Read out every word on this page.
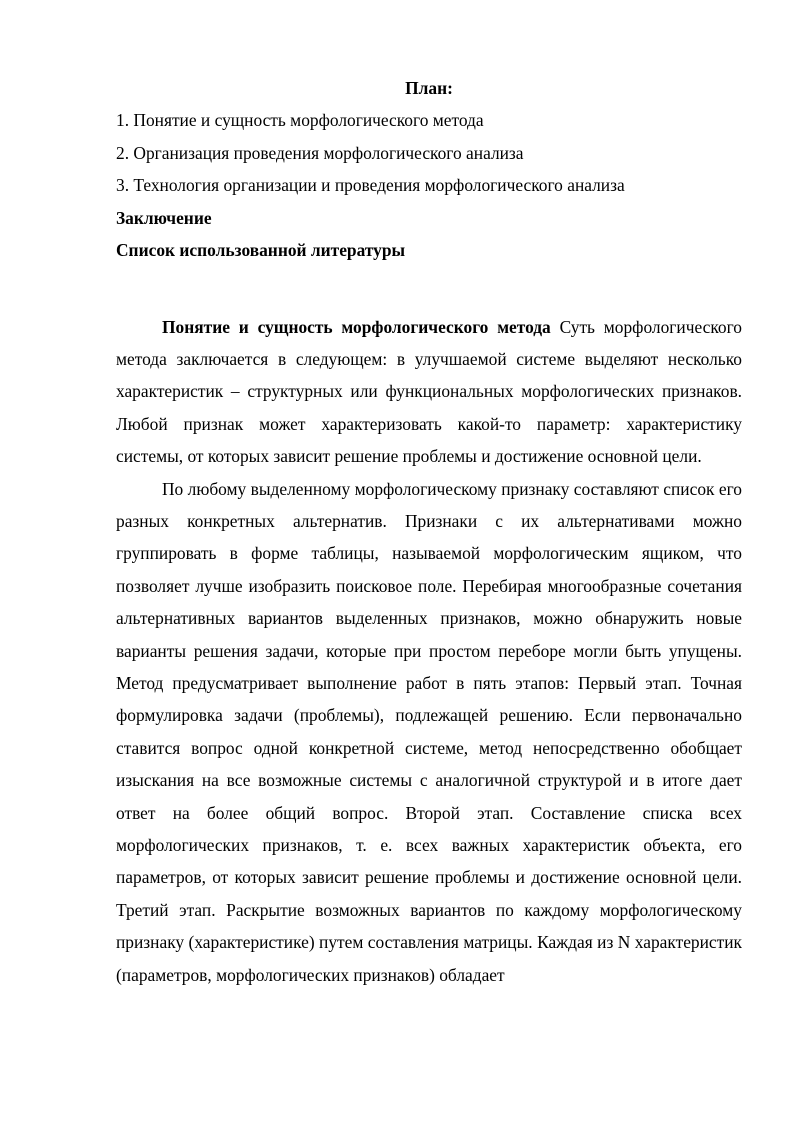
План:

1. Понятие и сущность морфологического метода

2. Организация проведения морфологического анализа

3. Технология организации и проведения морфологического анализа

Заключение

Список использованной литературы

Понятие и сущность морфологического метода Суть морфологического метода заключается в следующем: в улучшаемой системе выделяют несколько характеристик – структурных или функциональных морфологических признаков. Любой признак может характеризовать какой-то параметр: характеристику системы, от которых зависит решение проблемы и достижение основной цели.

По любому выделенному морфологическому признаку составляют список его разных конкретных альтернатив. Признаки с их альтернативами можно группировать в форме таблицы, называемой морфологическим ящиком, что позволяет лучше изобразить поисковое поле. Перебирая многообразные сочетания альтернативных вариантов выделенных признаков, можно обнаружить новые варианты решения задачи, которые при простом переборе могли быть упущены. Метод предусматривает выполнение работ в пять этапов: Первый этап. Точная формулировка задачи (проблемы), подлежащей решению. Если первоначально ставится вопрос одной конкретной системе, метод непосредственно обобщает изыскания на все возможные системы с аналогичной структурой и в итоге дает ответ на более общий вопрос. Второй этап. Составление списка всех морфологических признаков, т. е. всех важных характеристик объекта, его параметров, от которых зависит решение проблемы и достижение основной цели. Третий этап. Раскрытие возможных вариантов по каждому морфологическому признаку (характеристике) путем составления матрицы. Каждая из N характеристик (параметров, морфологических признаков) обладает
